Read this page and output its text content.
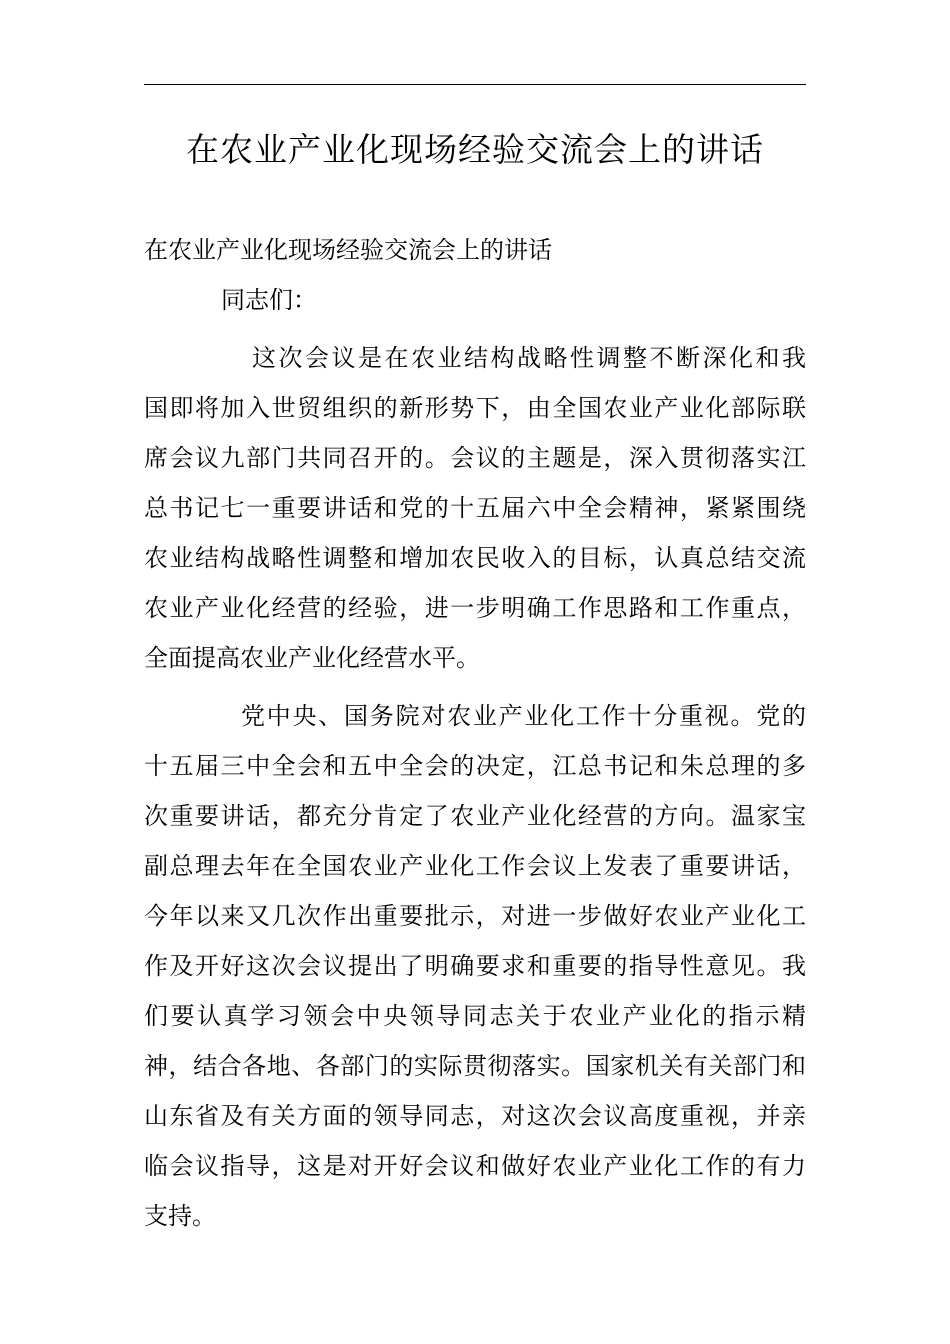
在农业产业化现场经验交流会上的讲话
在农业产业化现场经验交流会上的讲话
同志们：
这次会议是在农业结构战略性调整不断深化和我
国即将加入世贸组织的新形势下，由全国农业产业化部际联
席会议九部门共同召开的。会议的主题是，深入贯彻落实江
总书记七一重要讲话和党的十五届六中全会精神，紧紧围绕
农业结构战略性调整和增加农民收入的目标，认真总结交流
农业产业化经营的经验，进一步明确工作思路和工作重点，
全面提高农业产业化经营水平。
党中央、国务院对农业产业化工作十分重视。党的
十五届三中全会和五中全会的决定，江总书记和朱总理的多
次重要讲话，都充分肯定了农业产业化经营的方向。温家宝
副总理去年在全国农业产业化工作会议上发表了重要讲话，
今年以来又几次作出重要批示，对进一步做好农业产业化工
作及开好这次会议提出了明确要求和重要的指导性意见。我
们要认真学习领会中央领导同志关于农业产业化的指示精
神，结合各地、各部门的实际贯彻落实。国家机关有关部门和
山东省及有关方面的领导同志，对这次会议高度重视，并亲
临会议指导，这是对开好会议和做好农业产业化工作的有力
支持。
